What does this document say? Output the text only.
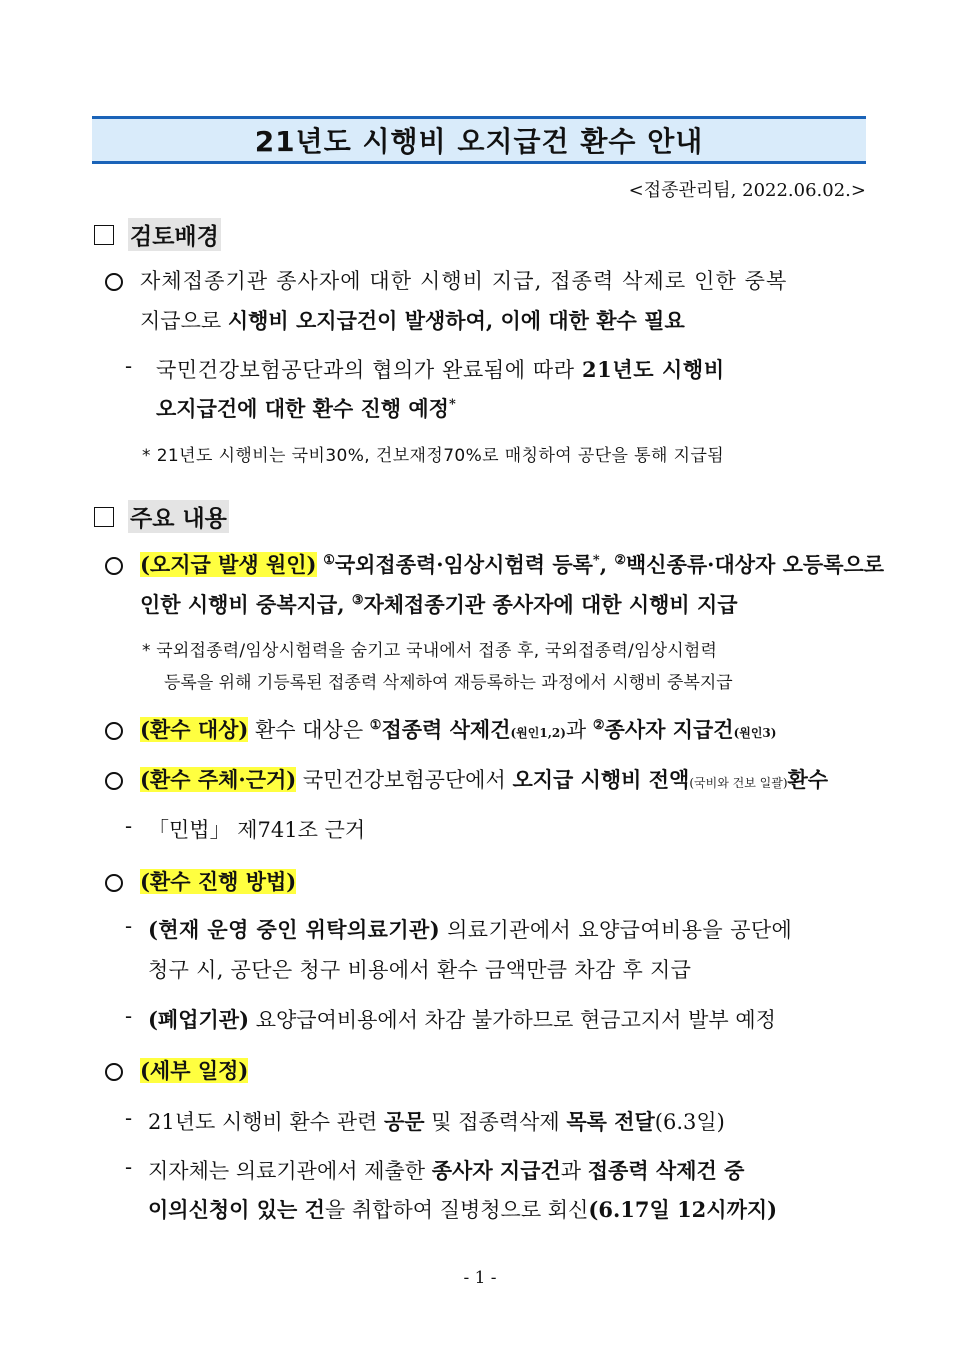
21년도 시행비 오지급건 환수 안내
<접종관리팀, 2022.06.02.>
검토배경
자체접종기관 종사자에 대한 시행비 지급, 접종력 삭제로 인한 중복
지급으로 시행비 오지급건이 발생하여, 이에 대한 환수 필요
- 국민건강보험공단과의 협의가 완료됨에 따라 21년도 시행비
오지급건에 대한 환수 진행 예정*
* 21년도 시행비는 국비30%, 건보재정70%로 매칭하여 공단을 통해 지급됨
주요 내용
(오지급 발생 원인) ①국외접종력·임상시험력 등록*, ②백신종류·대상자 오등록으로
인한 시행비 중복지급, ③자체접종기관 종사자에 대한 시행비 지급
* 국외접종력/임상시험력을 숨기고 국내에서 접종 후, 국외접종력/임상시험력
등록을 위해 기등록된 접종력 삭제하여 재등록하는 과정에서 시행비 중복지급
(환수 대상) 환수 대상은 ①접종력 삭제건(원인1,2)과 ②종사자 지급건(원인3)
(환수 주체·근거) 국민건강보험공단에서 오지급 시행비 전액(국비와 건보 일괄)환수
- 「민법」 제741조 근거
(환수 진행 방법)
- (현재 운영 중인 위탁의료기관) 의료기관에서 요양급여비용을 공단에
청구 시, 공단은 청구 비용에서 환수 금액만큼 차감 후 지급
- (폐업기관) 요양급여비용에서 차감 불가하므로 현금고지서 발부 예정
(세부 일정)
- 21년도 시행비 환수 관련 공문 및 접종력삭제 목록 전달(6.3일)
- 지자체는 의료기관에서 제출한 종사자 지급건과 접종력 삭제건 중
이의신청이 있는 건을 취합하여 질병청으로 회신(6.17일 12시까지)
- 1 -
